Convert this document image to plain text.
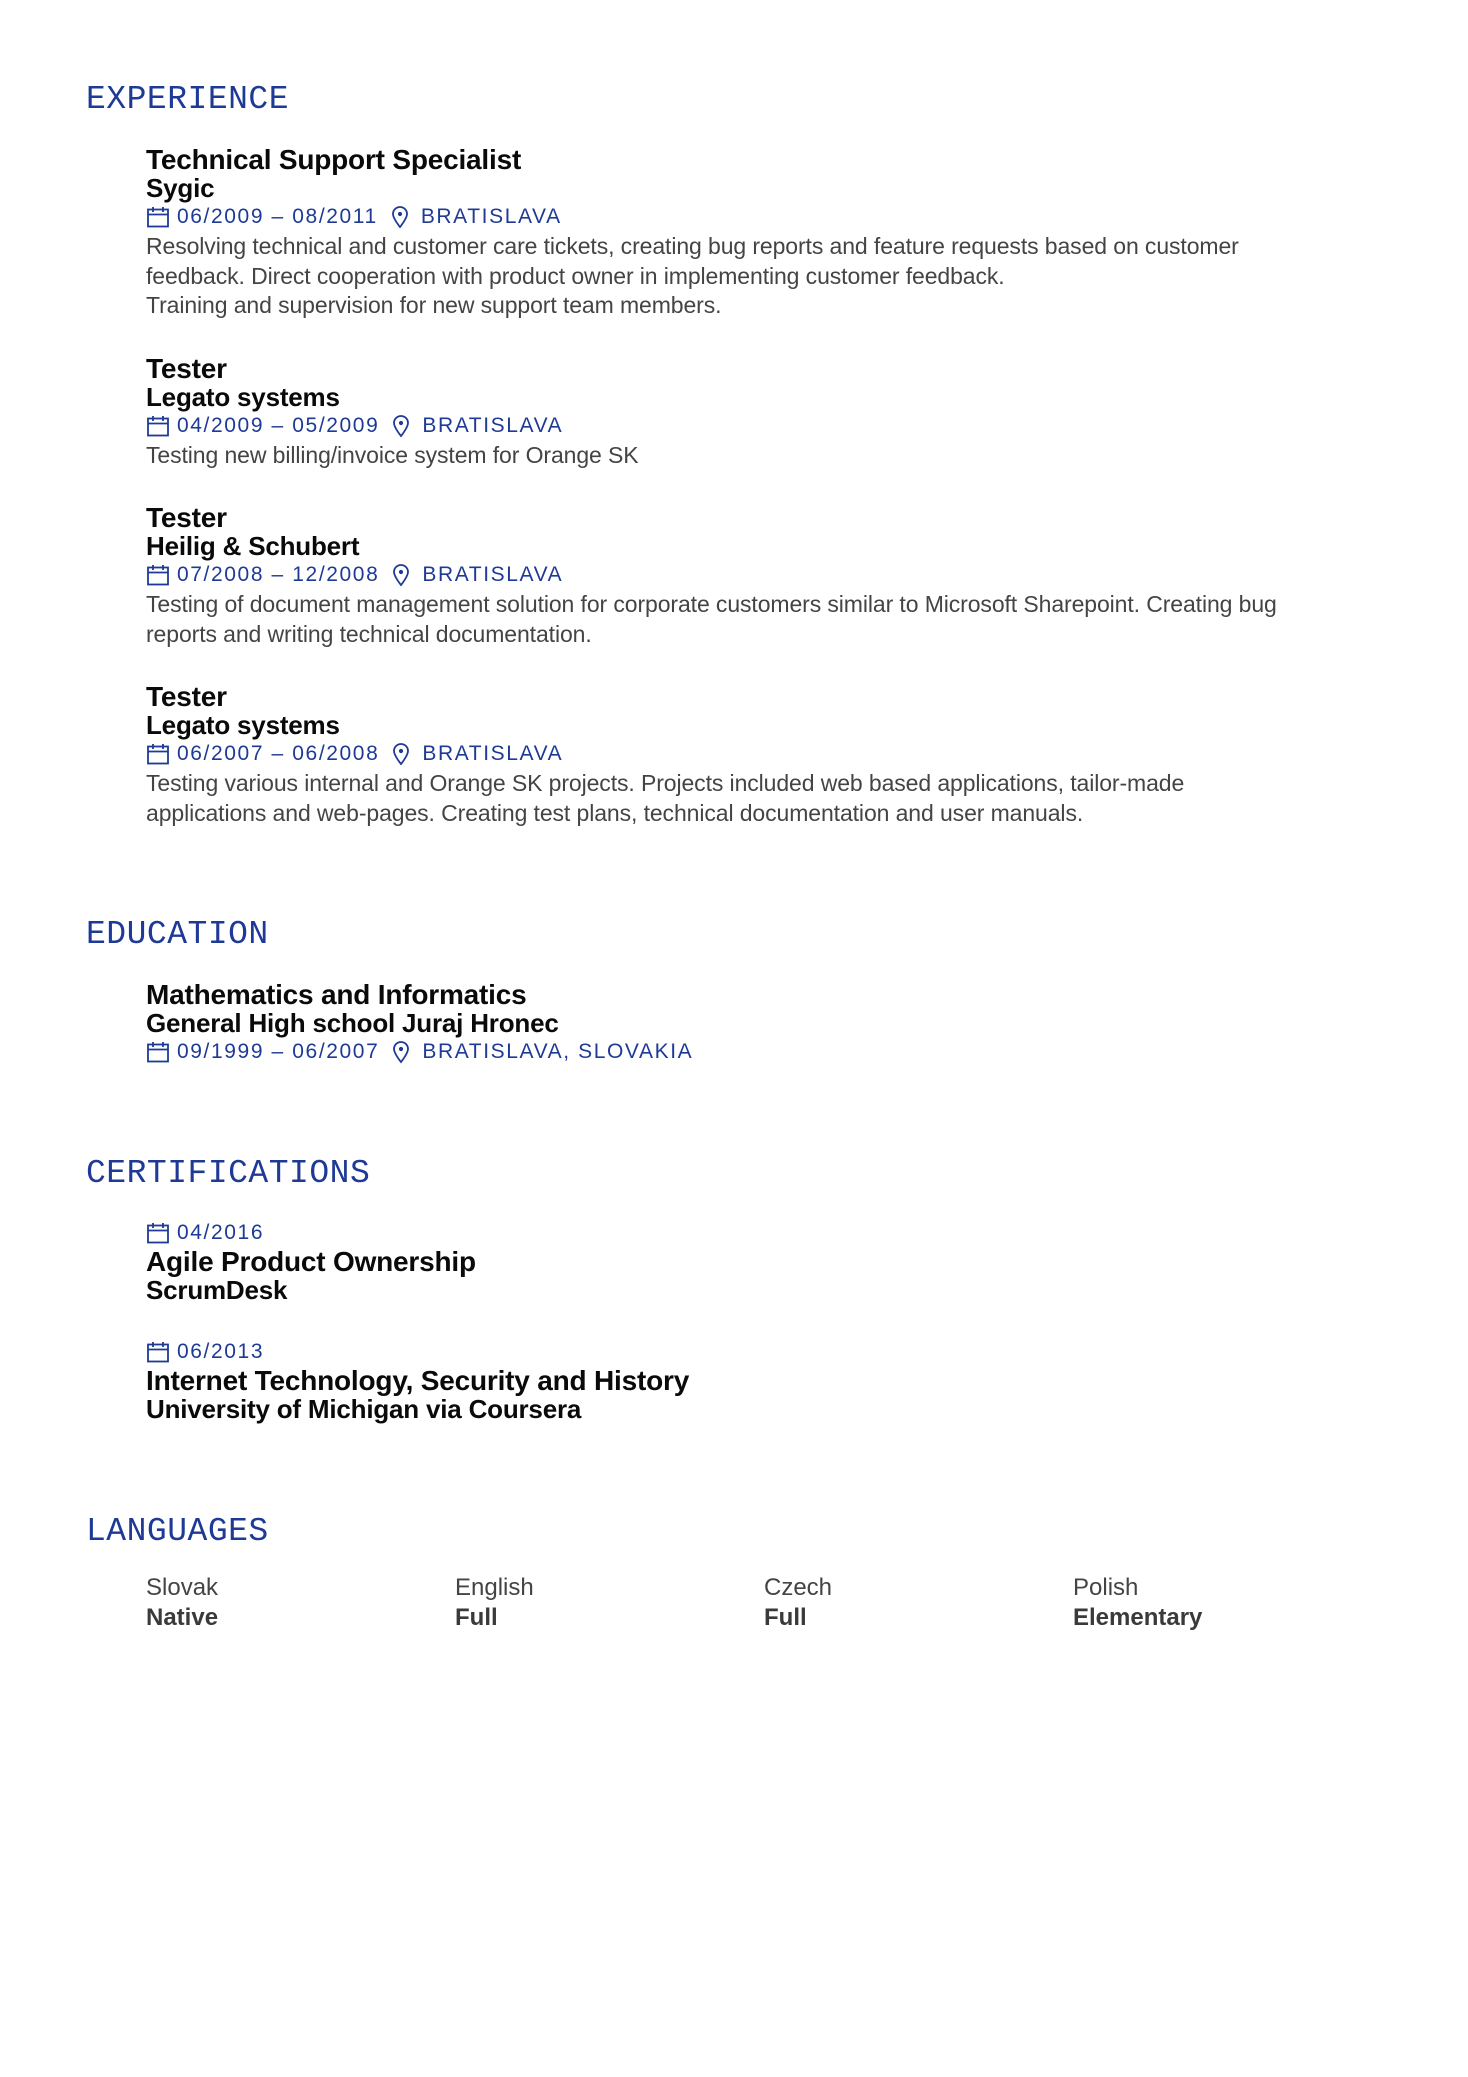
EXPERIENCE
Technical Support Specialist
Sygic
06/2009 – 08/2011 BRATISLAVA
Resolving technical and customer care tickets, creating bug reports and feature requests based on customer
feedback. Direct cooperation with product owner in implementing customer feedback.
Training and supervision for new support team members.
Tester
Legato systems
04/2009 – 05/2009 BRATISLAVA
Testing new billing/invoice system for Orange SK
Tester
Heilig & Schubert
07/2008 – 12/2008 BRATISLAVA
Testing of document management solution for corporate customers similar to Microsoft Sharepoint. Creating bug
reports and writing technical documentation.
Tester
Legato systems
06/2007 – 06/2008 BRATISLAVA
Testing various internal and Orange SK projects. Projects included web based applications, tailor-made
applications and web-pages. Creating test plans, technical documentation and user manuals.
EDUCATION
Mathematics and Informatics
General High school Juraj Hronec
09/1999 – 06/2007 BRATISLAVA, SLOVAKIA
CERTIFICATIONS
04/2016
Agile Product Ownership
ScrumDesk
06/2013
Internet Technology, Security and History
University of Michigan via Coursera
LANGUAGES
Slovak
Native
English
Full
Czech
Full
Polish
Elementary
